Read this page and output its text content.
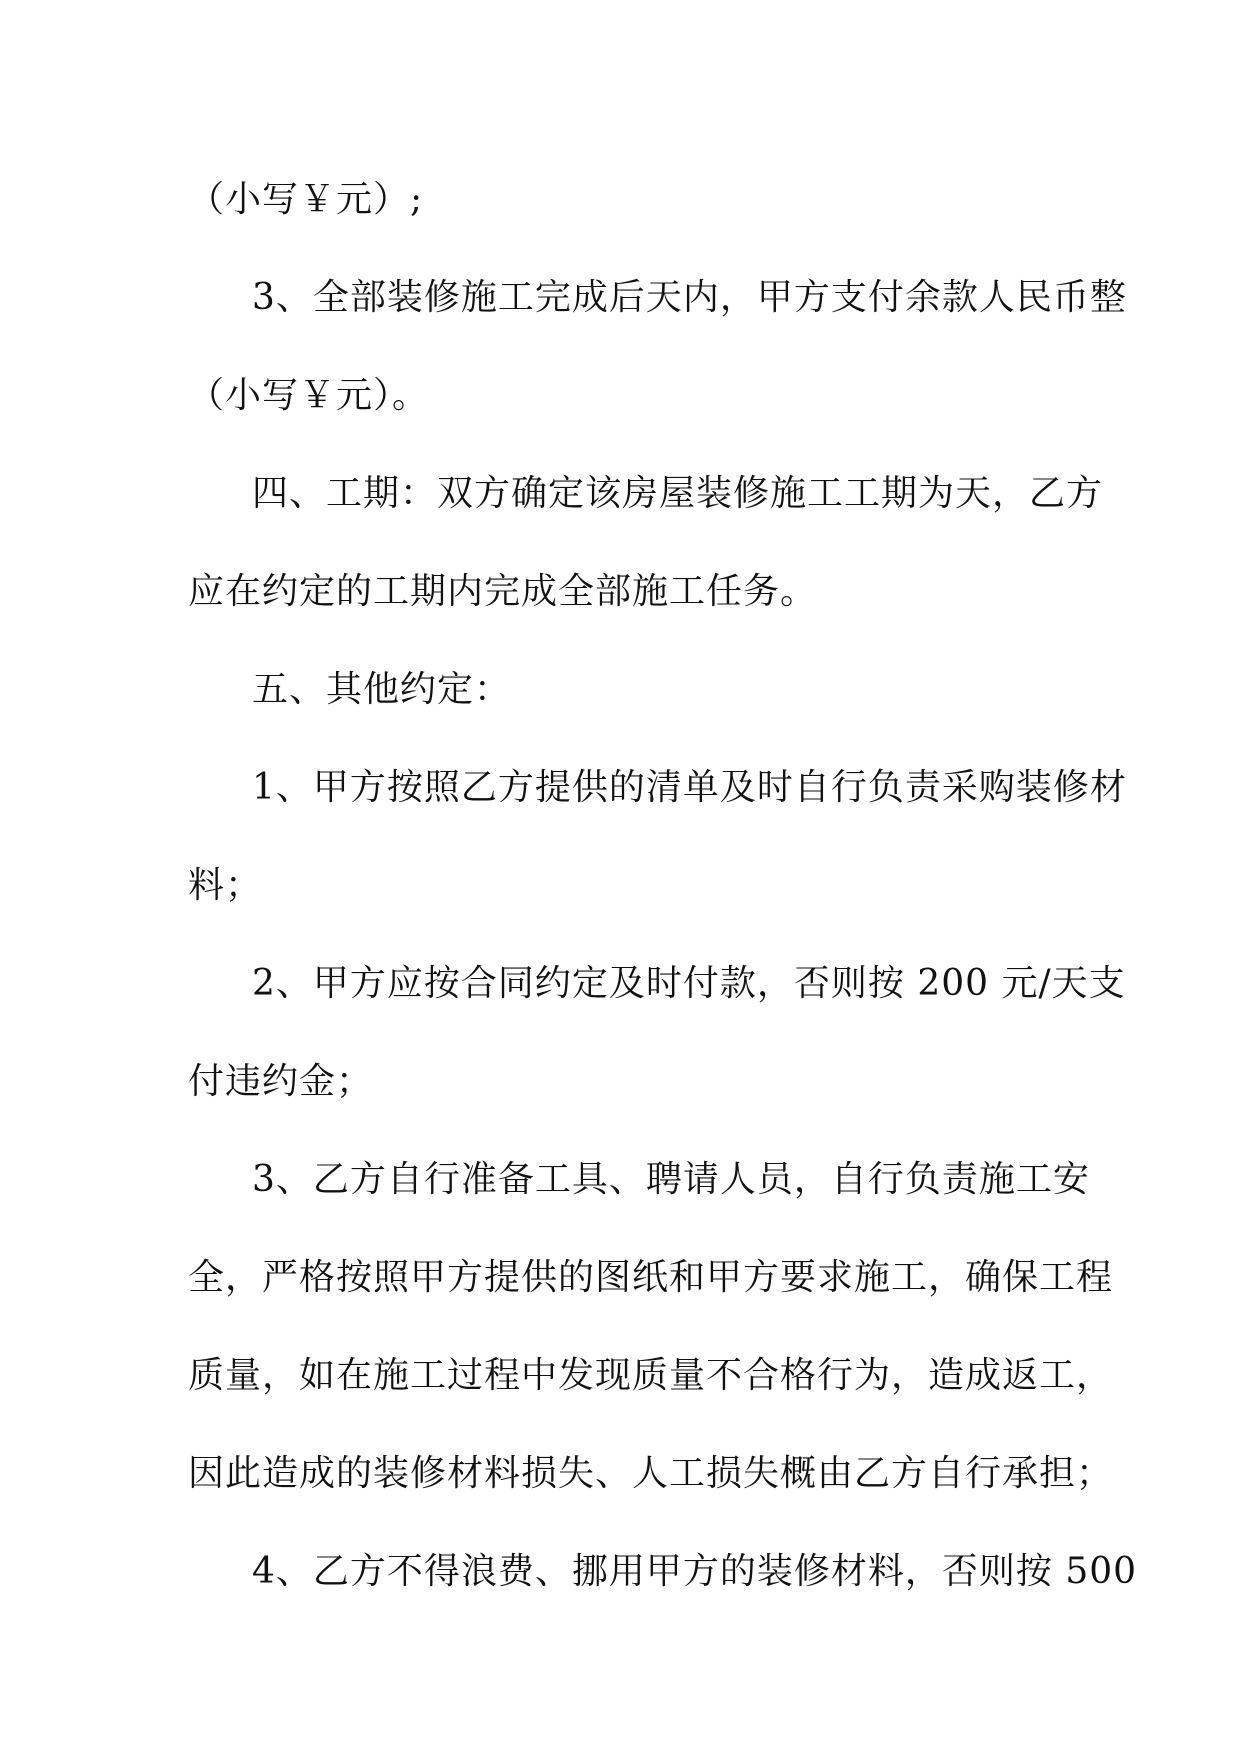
（小写￥元）;
3、全部装修施工完成后天内，甲方支付余款人民币整
（小写￥元）。
四、工期：双方确定该房屋装修施工工期为天，乙方
应在约定的工期内完成全部施工任务。
五、其他约定：
1、甲方按照乙方提供的清单及时自行负责采购装修材
料；
2、甲方应按合同约定及时付款，否则按 200 元/天支
付违约金；
3、乙方自行准备工具、聘请人员，自行负责施工安
全，严格按照甲方提供的图纸和甲方要求施工，确保工程
质量，如在施工过程中发现质量不合格行为，造成返工，
因此造成的装修材料损失、人工损失概由乙方自行承担；
4、乙方不得浪费、挪用甲方的装修材料，否则按 500
